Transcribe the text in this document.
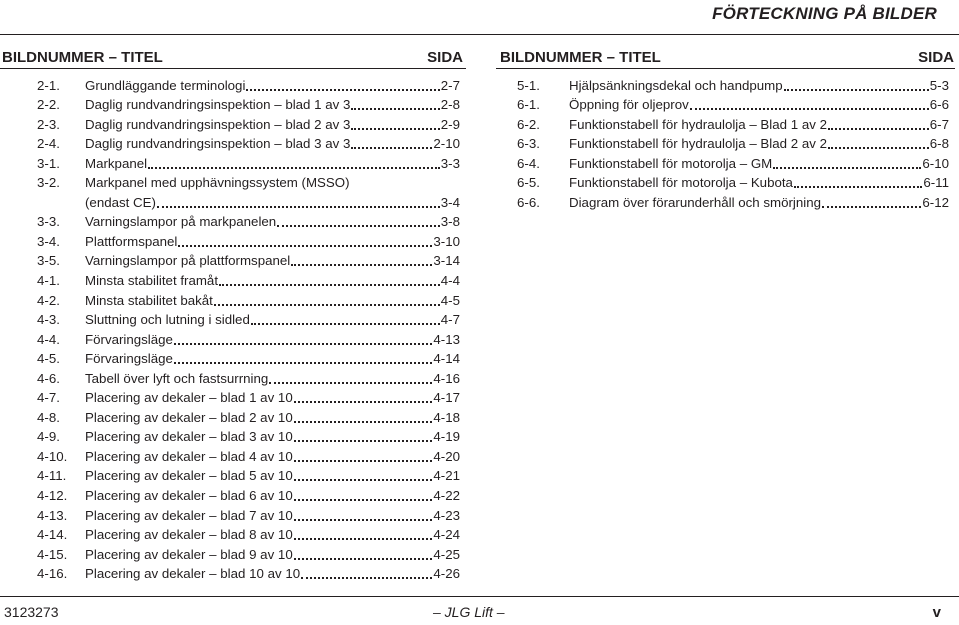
FÖRTECKNING PÅ BILDER
BILDNUMMER – TITEL	SIDA
2-1.	Grundläggande terminologi	2-7
2-2.	Daglig rundvandringsinspektion – blad 1 av 3	2-8
2-3.	Daglig rundvandringsinspektion – blad 2 av 3	2-9
2-4.	Daglig rundvandringsinspektion – blad 3 av 3	2-10
3-1.	Markpanel	3-3
3-2.	Markpanel med upphävningssystem (MSSO)
(endast CE)	3-4
3-3.	Varningslampor på markpanelen	3-8
3-4.	Plattformspanel	3-10
3-5.	Varningslampor på plattformspanel	3-14
4-1.	Minsta stabilitet framåt	4-4
4-2.	Minsta stabilitet bakåt	4-5
4-3.	Sluttning och lutning i sidled	4-7
4-4.	Förvaringsläge	4-13
4-5.	Förvaringsläge	4-14
4-6.	Tabell över lyft och fastsurrning	4-16
4-7.	Placering av dekaler – blad 1 av 10	4-17
4-8.	Placering av dekaler – blad 2 av 10	4-18
4-9.	Placering av dekaler – blad 3 av 10	4-19
4-10.	Placering av dekaler – blad 4 av 10	4-20
4-11.	Placering av dekaler – blad 5 av 10	4-21
4-12.	Placering av dekaler – blad 6 av 10	4-22
4-13.	Placering av dekaler – blad 7 av 10	4-23
4-14.	Placering av dekaler – blad 8 av 10	4-24
4-15.	Placering av dekaler – blad 9 av 10	4-25
4-16.	Placering av dekaler – blad 10 av 10	4-26
BILDNUMMER – TITEL	SIDA
5-1.	Hjälpsänkningsdekal och handpump	5-3
6-1.	Öppning för oljeprov	6-6
6-2.	Funktionstabell för hydraulolja – Blad 1 av 2	6-7
6-3.	Funktionstabell för hydraulolja – Blad 2 av 2	6-8
6-4.	Funktionstabell för motorolja – GM	6-10
6-5.	Funktionstabell för motorolja – Kubota	6-11
6-6.	Diagram över förarunderhåll och smörjning	6-12
3123273	– JLG Lift –	v
